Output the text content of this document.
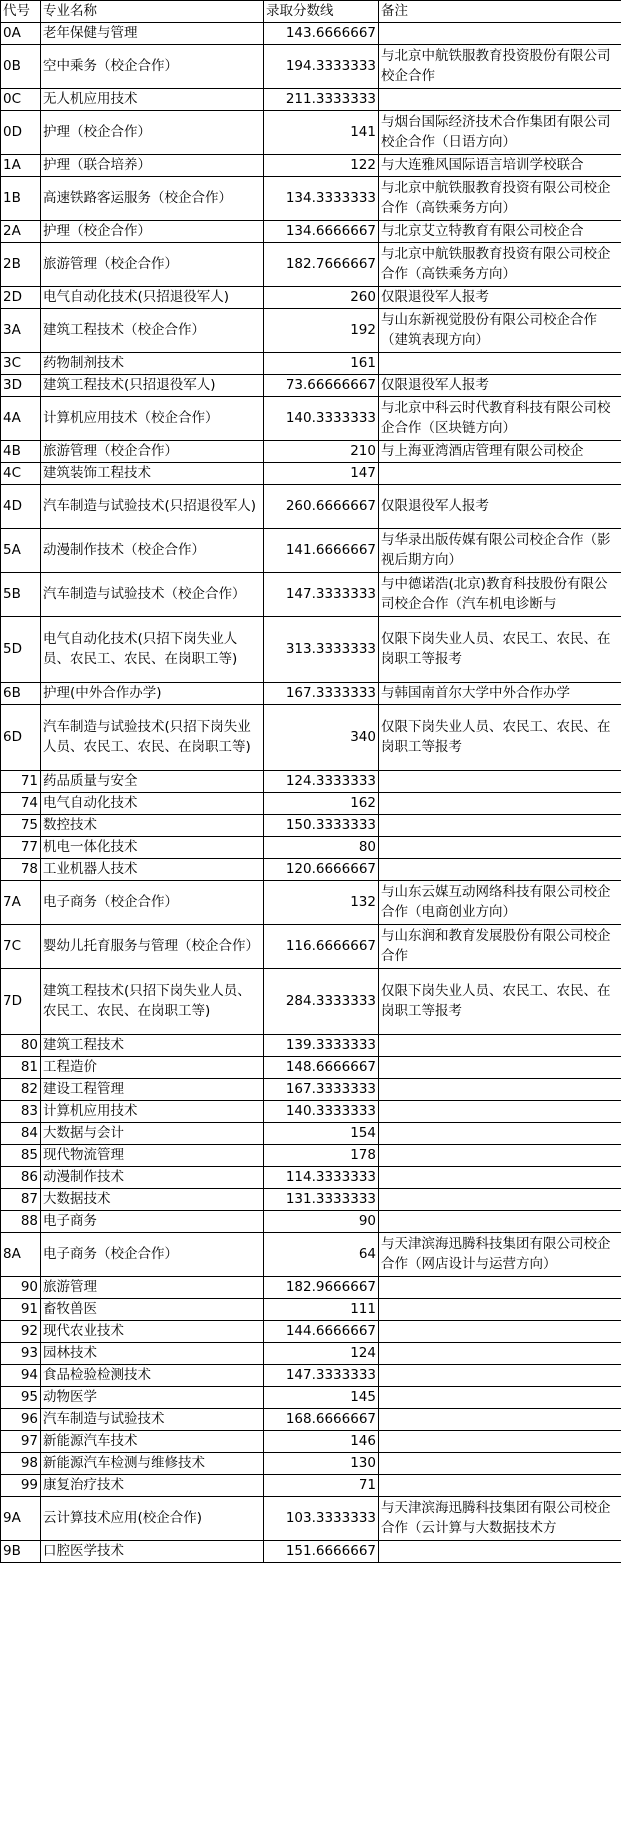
代号	专业名称	录取分数线	备注
0A	老年保健与管理	143.6666667	
0B	空中乘务（校企合作）	194.3333333	与北京中航铁服教育投资股份有限公司校企合作
0C	无人机应用技术	211.3333333	
0D	护理（校企合作）	141	与烟台国际经济技术合作集团有限公司校企合作（日语方向）
1A	护理（联合培养）	122	与大连雅风国际语言培训学校联合
1B	高速铁路客运服务（校企合作）	134.3333333	与北京中航铁服教育投资有限公司校企合作（高铁乘务方向）
2A	护理（校企合作）	134.6666667	与北京艾立特教育有限公司校企合
2B	旅游管理（校企合作）	182.7666667	与北京中航铁服教育投资有限公司校企合作（高铁乘务方向）
2D	电气自动化技术(只招退役军人)	260	仅限退役军人报考
3A	建筑工程技术（校企合作）	192	与山东新视觉股份有限公司校企合作（建筑表现方向）
3C	药物制剂技术	161	
3D	建筑工程技术(只招退役军人)	73.66666667	仅限退役军人报考
4A	计算机应用技术（校企合作）	140.3333333	与北京中科云时代教育科技有限公司校企合作（区块链方向）
4B	旅游管理（校企合作）	210	与上海亚湾酒店管理有限公司校企
4C	建筑装饰工程技术	147	
4D	汽车制造与试验技术(只招退役军人)	260.6666667	仅限退役军人报考
5A	动漫制作技术（校企合作）	141.6666667	与华录出版传媒有限公司校企合作（影视后期方向）
5B	汽车制造与试验技术（校企合作）	147.3333333	与中德诺浩(北京)教育科技股份有限公司校企合作（汽车机电诊断与
5D	电气自动化技术(只招下岗失业人员、农民工、农民、在岗职工等)	313.3333333	仅限下岗失业人员、农民工、农民、在岗职工等报考
6B	护理(中外合作办学)	167.3333333	与韩国南首尔大学中外合作办学
6D	汽车制造与试验技术(只招下岗失业人员、农民工、农民、在岗职工等)	340	仅限下岗失业人员、农民工、农民、在岗职工等报考
71	药品质量与安全	124.3333333	
74	电气自动化技术	162	
75	数控技术	150.3333333	
77	机电一体化技术	80	
78	工业机器人技术	120.6666667	
7A	电子商务（校企合作）	132	与山东云媒互动网络科技有限公司校企合作（电商创业方向）
7C	婴幼儿托育服务与管理（校企合作）	116.6666667	与山东润和教育发展股份有限公司校企合作
7D	建筑工程技术(只招下岗失业人员、农民工、农民、在岗职工等)	284.3333333	仅限下岗失业人员、农民工、农民、在岗职工等报考
80	建筑工程技术	139.3333333	
81	工程造价	148.6666667	
82	建设工程管理	167.3333333	
83	计算机应用技术	140.3333333	
84	大数据与会计	154	
85	现代物流管理	178	
86	动漫制作技术	114.3333333	
87	大数据技术	131.3333333	
88	电子商务	90	
8A	电子商务（校企合作）	64	与天津滨海迅腾科技集团有限公司校企合作（网店设计与运营方向）
90	旅游管理	182.9666667	
91	畜牧兽医	111	
92	现代农业技术	144.6666667	
93	园林技术	124	
94	食品检验检测技术	147.3333333	
95	动物医学	145	
96	汽车制造与试验技术	168.6666667	
97	新能源汽车技术	146	
98	新能源汽车检测与维修技术	130	
99	康复治疗技术	71	
9A	云计算技术应用(校企合作)	103.3333333	与天津滨海迅腾科技集团有限公司校企合作（云计算与大数据技术方
9B	口腔医学技术	151.6666667	
